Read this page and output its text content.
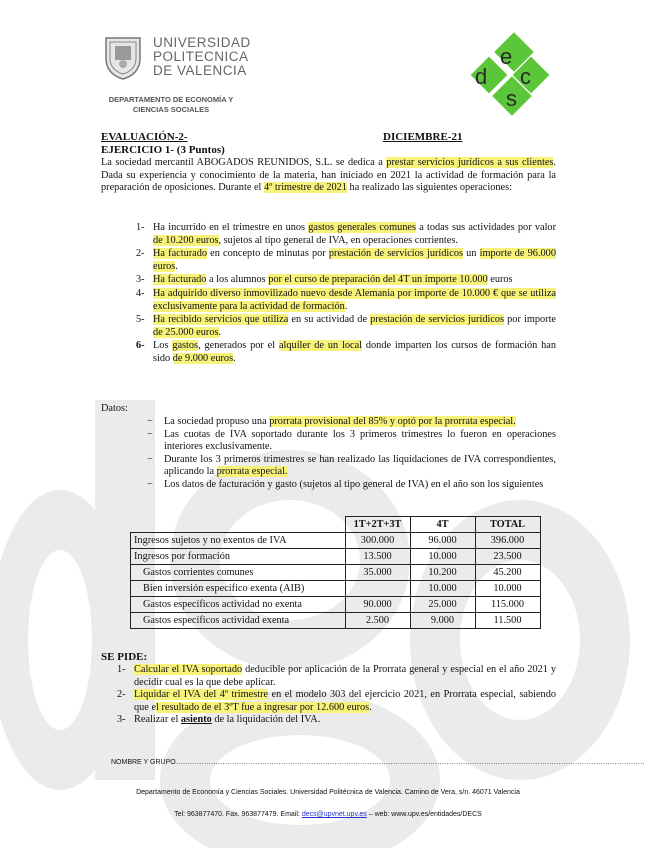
UNIVERSIDAD
POLITECNICA
DE VALENCIA
DEPARTAMENTO DE ECONOMÍA Y CIENCIAS SOCIALES
d
e
c
s
EVALUACIÓN-2-	DICIEMBRE-21
EJERCICIO 1- (3 Puntos)
La sociedad mercantil ABOGADOS REUNIDOS, S.L. se dedica a prestar servicios jurídicos a sus clientes. Dada su experiencia y conocimiento de la materia, han iniciado en 2021 la actividad de formación para la preparación de oposiciones. Durante el 4º trimestre de 2021 ha realizado las siguientes operaciones:
1- Ha incurrido en el trimestre en unos gastos generales comunes a todas sus actividades por valor de 10.200 euros, sujetos al tipo general de IVA, en operaciones corrientes.
2- Ha facturado en concepto de minutas por prestación de servicios jurídicos un importe de 96.000 euros.
3- Ha facturado a los alumnos por el curso de preparación del 4T un importe 10.000 euros
4- Ha adquirido diverso inmovilizado nuevo desde Alemania por importe de 10.000 € que se utiliza exclusivamente para la actividad de formación.
5- Ha recibido servicios que utiliza en su actividad de prestación de servicios jurídicos por importe de 25.000 euros.
6- Los gastos, generados por el alquiler de un local donde imparten los cursos de formación han sido de 9.000 euros.
Datos:
− La sociedad propuso una prorrata provisional del 85% y optó por la prorrata especial.
− Las cuotas de IVA soportado durante los 3 primeros trimestres lo fueron en operaciones interiores exclusivamente.
− Durante los 3 primeros trimestres se han realizado las liquidaciones de IVA correspondientes, aplicando la prorrata especial.
− Los datos de facturación y gasto (sujetos al tipo general de IVA) en el año son los siguientes
	1T+2T+3T	4T	TOTAL
Ingresos sujetos y no exentos de IVA	300.000	96.000	396.000
Ingresos por formación	13.500	10.000	23.500
Gastos corrientes comunes	35.000	10.200	45.200
Bien inversión específico exenta (AIB)		10.000	10.000
Gastos específicos actividad no exenta	90.000	25.000	115.000
Gastos específicos actividad exenta	2.500	9.000	11.500
SE PIDE:
1- Calcular el IVA soportado deducible por aplicación de la Prorrata general y especial en el año 2021 y decidir cual es la que debe aplicar.
2- Liquidar el IVA del 4º trimestre en el modelo 303 del ejercicio 2021, en Prorrata especial, sabiendo que el resultado de el 3ºT fue a ingresar por 12.600 euros.
3- Realizar el asiento de la liquidación del IVA.
NOMBRE Y GRUPO…………………………………………………………………………………………………………………………………………………………………………………
Departamento de Economía y Ciencias Sociales. Universidad Politécnica de Valencia. Camino de Vera, s/n. 46071 Valencia
Tel: 963877470. Fax. 963877479. Email: decs@upvnet.upv.es – web: www.upv.es/entidades/DECS
